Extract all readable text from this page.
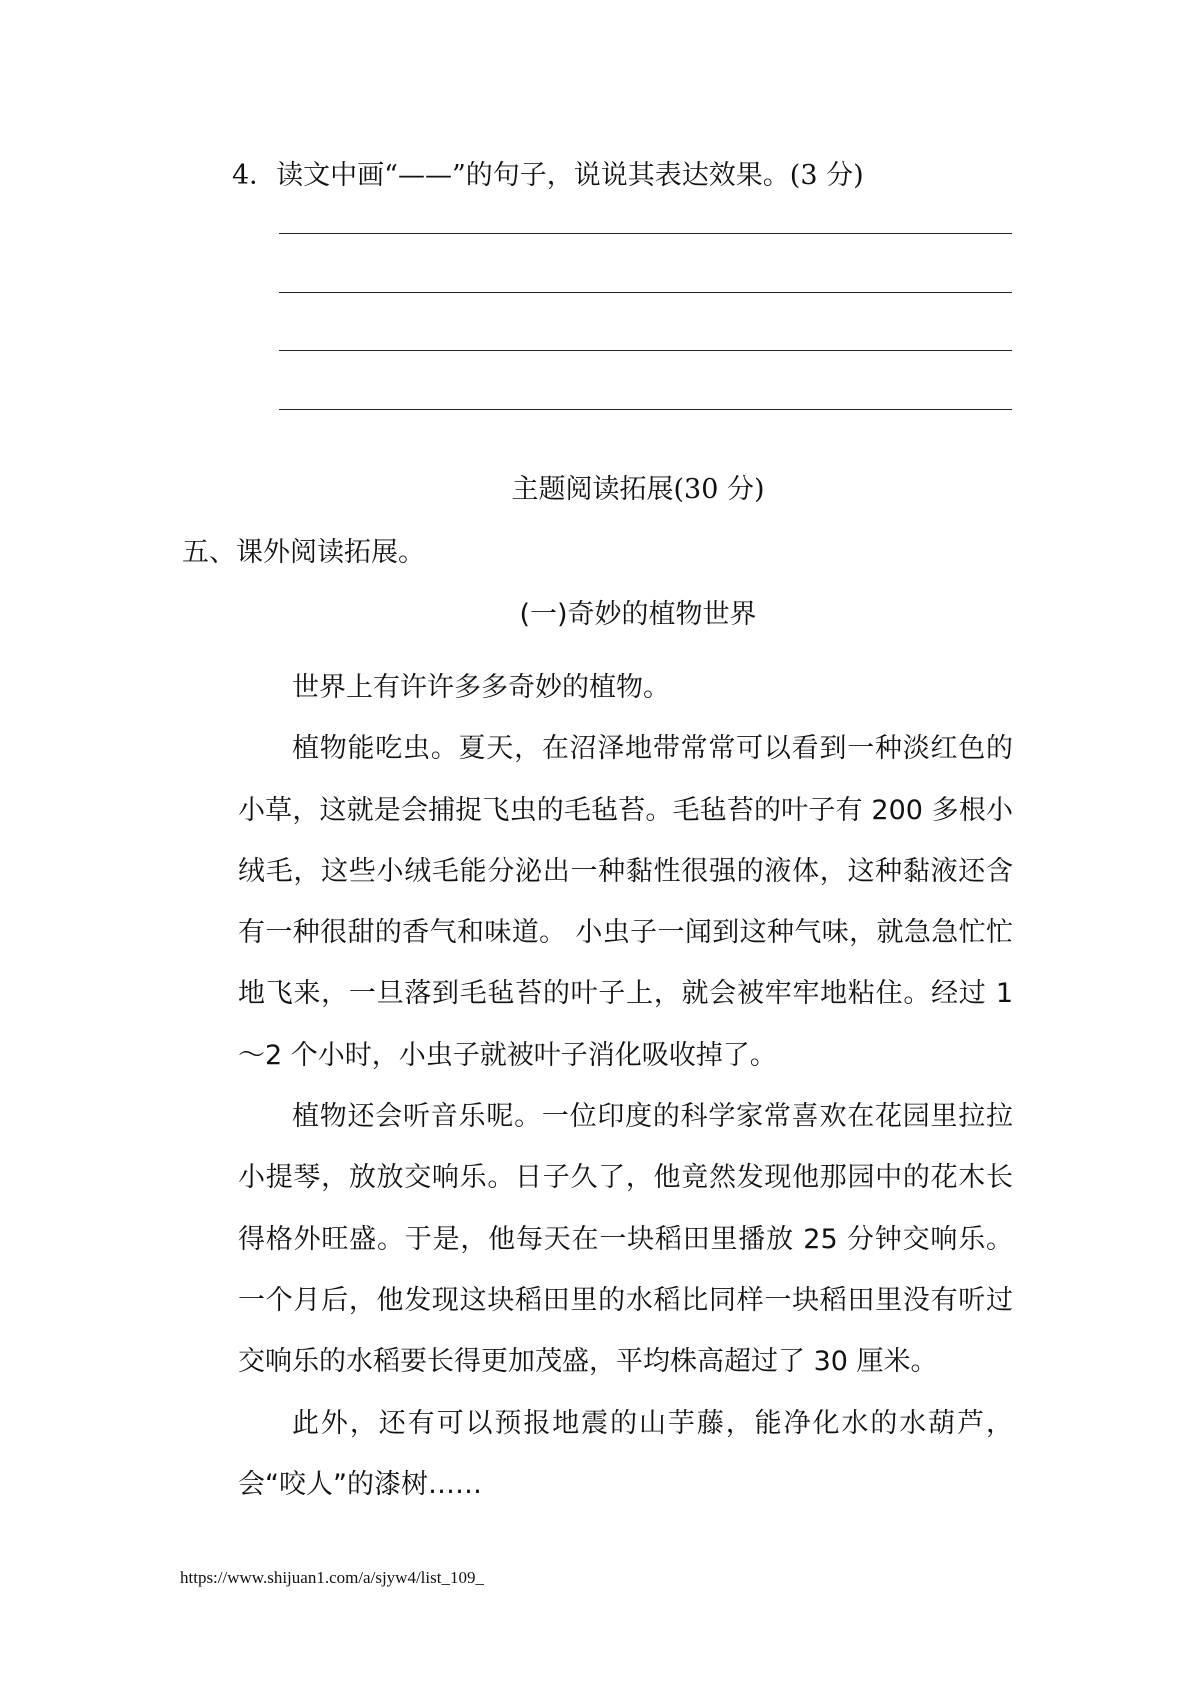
4．读文中画“——”的句子，说说其表达效果。(3 分)
主题阅读拓展(30 分)
五、课外阅读拓展。
(一)奇妙的植物世界

世界上有许许多多奇妙的植物。

植物能吃虫。夏天，在沼泽地带常常可以看到一种淡红色的小草，这就是会捕捉飞虫的毛毡苔。毛毡苔的叶子有 200 多根小绒毛，这些小绒毛能分泌出一种黏性很强的液体，这种黏液还含有一种很甜的香气和味道。 小虫子一闻到这种气味，就急急忙忙地飞来，一旦落到毛毡苔的叶子上，就会被牢牢地粘住。经过 1～2 个小时，小虫子就被叶子消化吸收掉了。

植物还会听音乐呢。一位印度的科学家常喜欢在花园里拉拉小提琴，放放交响乐。日子久了，他竟然发现他那园中的花木长得格外旺盛。于是，他每天在一块稻田里播放 25 分钟交响乐。一个月后，他发现这块稻田里的水稻比同样一块稻田里没有听过交响乐的水稻要长得更加茂盛，平均株高超过了 30 厘米。

此外，还有可以预报地震的山芋藤，能净化水的水葫芦，会“咬人”的漆树……

https://www.shijuan1.com/a/sjyw4/list_109_
